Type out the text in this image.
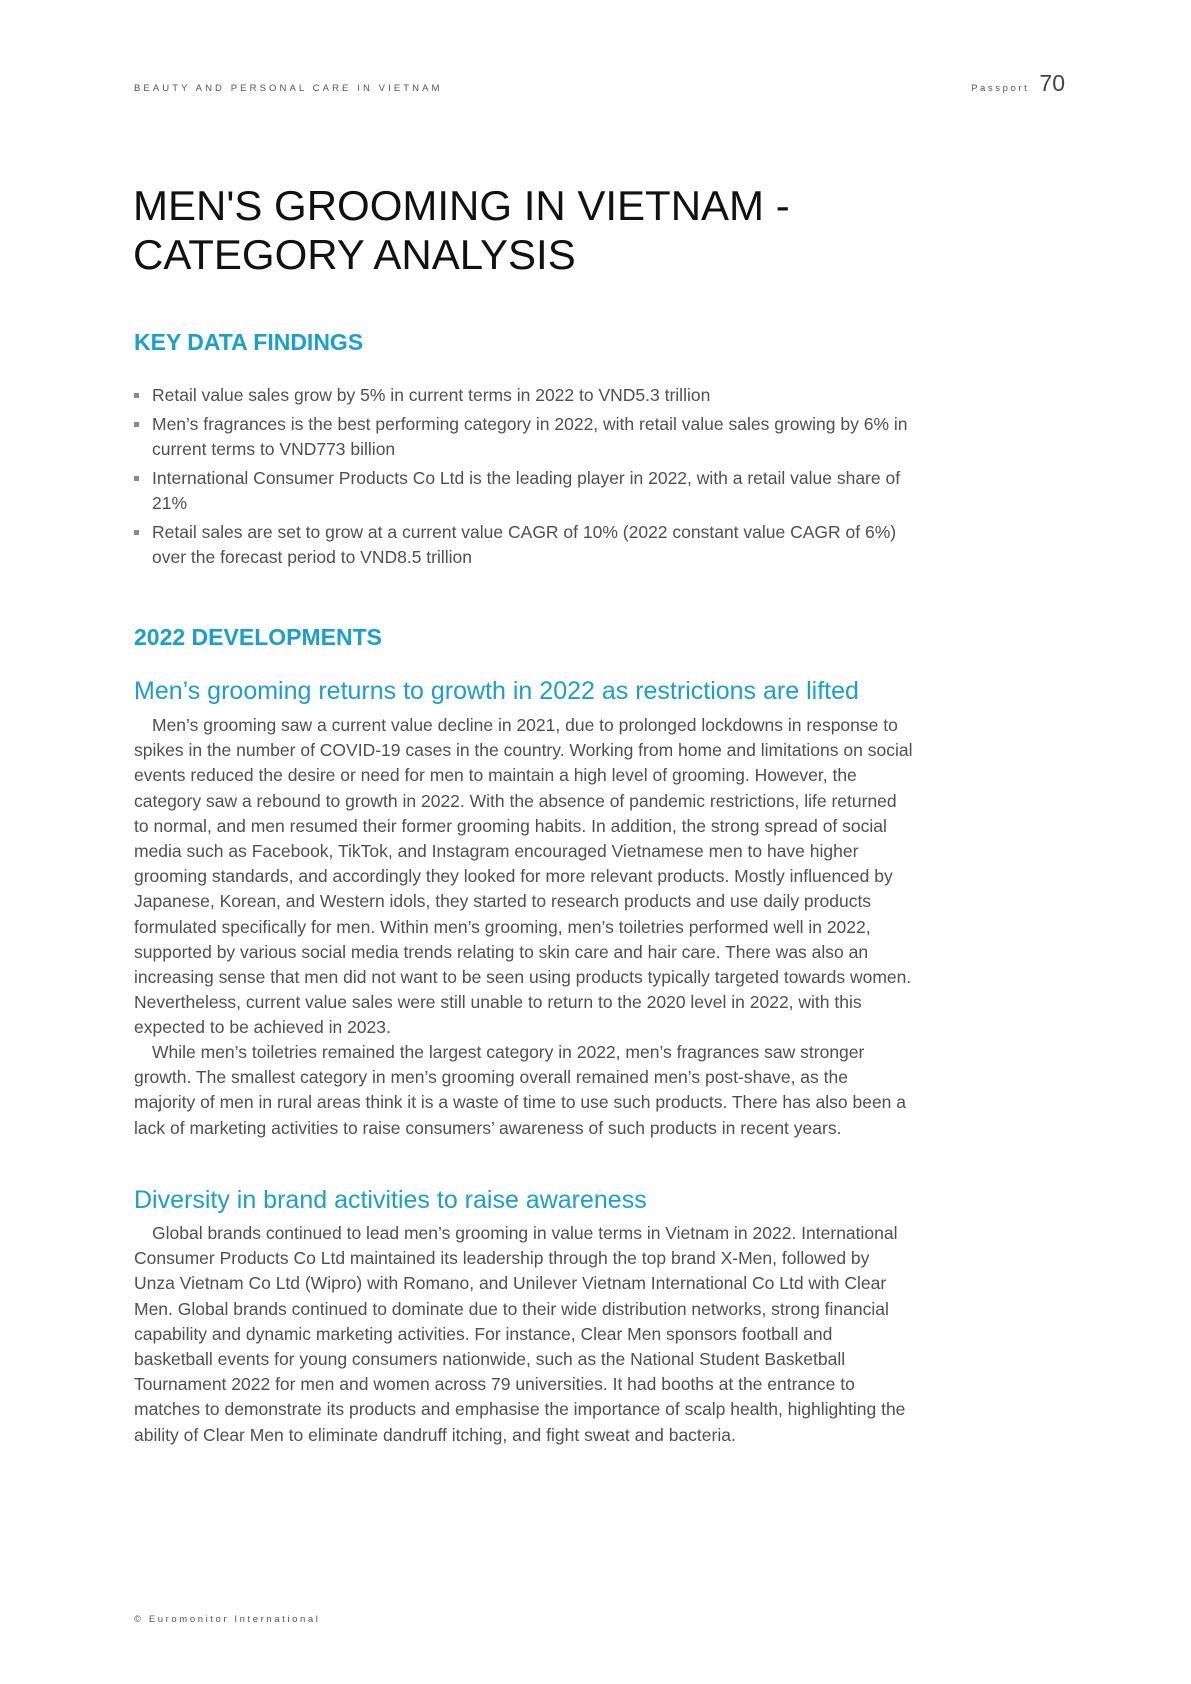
BEAUTY AND PERSONAL CARE IN VIETNAM	Passport 70
MEN'S GROOMING IN VIETNAM -
CATEGORY ANALYSIS
KEY DATA FINDINGS
Retail value sales grow by 5% in current terms in 2022 to VND5.3 trillion
Men’s fragrances is the best performing category in 2022, with retail value sales growing by 6% in current terms to VND773 billion
International Consumer Products Co Ltd is the leading player in 2022, with a retail value share of 21%
Retail sales are set to grow at a current value CAGR of 10% (2022 constant value CAGR of 6%) over the forecast period to VND8.5 trillion
2022 DEVELOPMENTS
Men’s grooming returns to growth in 2022 as restrictions are lifted

Men’s grooming saw a current value decline in 2021, due to prolonged lockdowns in response to spikes in the number of COVID-19 cases in the country. Working from home and limitations on social events reduced the desire or need for men to maintain a high level of grooming. However, the category saw a rebound to growth in 2022. With the absence of pandemic restrictions, life returned to normal, and men resumed their former grooming habits. In addition, the strong spread of social media such as Facebook, TikTok, and Instagram encouraged Vietnamese men to have higher grooming standards, and accordingly they looked for more relevant products. Mostly influenced by Japanese, Korean, and Western idols, they started to research products and use daily products formulated specifically for men. Within men’s grooming, men’s toiletries performed well in 2022, supported by various social media trends relating to skin care and hair care. There was also an increasing sense that men did not want to be seen using products typically targeted towards women. Nevertheless, current value sales were still unable to return to the 2020 level in 2022, with this expected to be achieved in 2023.

While men’s toiletries remained the largest category in 2022, men’s fragrances saw stronger growth. The smallest category in men’s grooming overall remained men’s post-shave, as the majority of men in rural areas think it is a waste of time to use such products. There has also been a lack of marketing activities to raise consumers’ awareness of such products in recent years.

Diversity in brand activities to raise awareness

Global brands continued to lead men’s grooming in value terms in Vietnam in 2022. International Consumer Products Co Ltd maintained its leadership through the top brand X-Men, followed by Unza Vietnam Co Ltd (Wipro) with Romano, and Unilever Vietnam International Co Ltd with Clear Men. Global brands continued to dominate due to their wide distribution networks, strong financial capability and dynamic marketing activities. For instance, Clear Men sponsors football and basketball events for young consumers nationwide, such as the National Student Basketball Tournament 2022 for men and women across 79 universities. It had booths at the entrance to matches to demonstrate its products and emphasise the importance of scalp health, highlighting the ability of Clear Men to eliminate dandruff itching, and fight sweat and bacteria.

© Euromonitor International
